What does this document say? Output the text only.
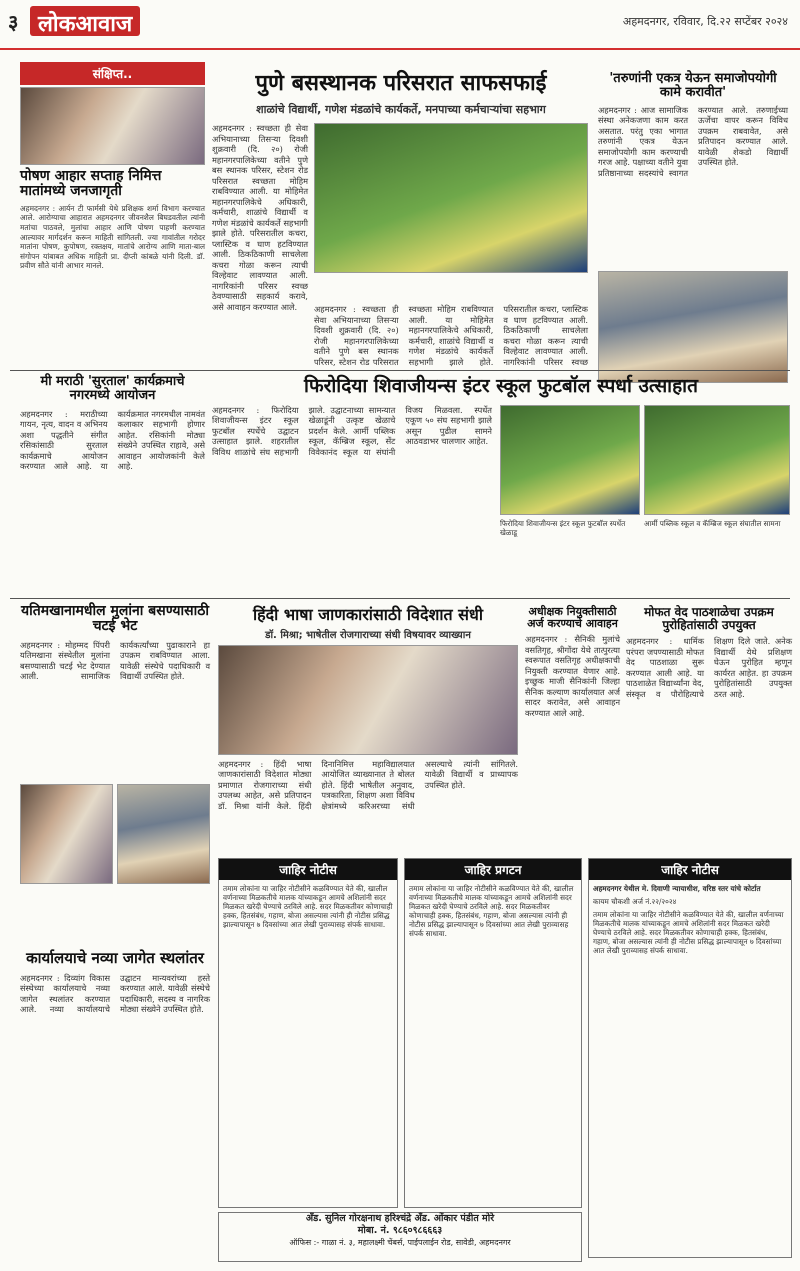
३ लोकआवाज	अहमदनगर, रविवार, दि.२२ सप्टेंबर २०२४
संक्षिप्त..
पोषण आहार सप्ताह निमित्त मातांमध्ये जनजागृती
अहमदनगर : आर्यन टी फार्मसी येथे प्रशिक्षक शर्मा विभाग करण्यात आले. आरोग्याचा आहारात अहमदनगर जीवनशैल बिघडवतील त्यांनी मतांचा पाठवले, मुलांचा आहार आणि पोषण पाहणी करण्यात आल्यावर मार्गदर्शन करून माहिती सांगितली. ज्या गावांतील गरोदर मातांना पोषण, कुपोषण, रक्तक्षय, मातांचे आरोग्य आणि माता-बाल संगोपन यांबाबत अधिक माहिती प्रा. दीप्ती कांबळे यांनी दिली. डॉ. प्रवीण सौते यांनी आभार मानले.
पुणे बसस्थानक परिसरात साफसफाई
शाळांचे विद्यार्थी, गणेश मंडळांचे कार्यकर्ते, मनपाच्या कर्मचाऱ्यांचा सहभाग
अहमदनगर : स्वच्छता ही सेवा अभियानाच्या तिसऱ्या दिवशी शुक्रवारी (दि. २०) रोजी महानगरपालिकेच्या वतीने पुणे बस स्थानक परिसर, स्टेशन रोड परिसरात स्वच्छता मोहिम राबविण्यात आली. या मोहिमेत महानगरपालिकेचे अधिकारी, कर्मचारी, शाळांचे विद्यार्थी व गणेश मंडळांचे कार्यकर्ते सहभागी झाले होते. परिसरातील कचरा, प्लास्टिक व घाण हटविण्यात आली. ठिकठिकाणी साचलेला कचरा गोळा करून त्याची विल्हेवाट लावण्यात आली. नागरिकांनी परिसर स्वच्छ ठेवण्यासाठी सहकार्य करावे, असे आवाहन करण्यात आले.	अहमदनगर : स्वच्छता ही सेवा अभियानाच्या तिसऱ्या दिवशी शुक्रवारी (दि. २०) रोजी महानगरपालिकेच्या वतीने पुणे बस स्थानक परिसर, स्टेशन रोड परिसरात स्वच्छता मोहिम राबविण्यात आली. या मोहिमेत महानगरपालिकेचे अधिकारी, कर्मचारी, शाळांचे विद्यार्थी व गणेश मंडळांचे कार्यकर्ते सहभागी झाले होते. परिसरातील कचरा, प्लास्टिक व घाण हटविण्यात आली. ठिकठिकाणी साचलेला कचरा गोळा करून त्याची विल्हेवाट लावण्यात आली. नागरिकांनी परिसर स्वच्छ
'तरुणांनी एकत्र येऊन समाजोपयोगी कामे करावीत'
अहमदनगर : आज सामाजिक संस्था अनेकजणा काम करत असतात. परंतु एका भागात तरुणांनी एकत्र येऊन समाजोपयोगी काम करण्याची गरज आहे. पक्षाच्या वतीने युवा प्रतिष्ठानाच्या सदस्यांचे स्वागत करण्यात आले. तरुणाईच्या ऊर्जेचा वापर करून विविध उपक्रम राबवावेत, असे प्रतिपादन करण्यात आले. यावेळी शेकडो विद्यार्थी उपस्थित होते.
मी मराठी 'सुरताल' कार्यक्रमाचे नगरमध्ये आयोजन
अहमदनगर : मराठीच्या गायन, नृत्य, वादन व अभिनय अशा पद्धतीने संगीत रसिकांसाठी सुरताल कार्यक्रमाचे आयोजन करण्यात आले आहे. या कार्यक्रमात नगरमधील नामवंत कलाकार सहभागी होणार आहेत. रसिकांनी मोठ्या संख्येने उपस्थित राहावे, असे आवाहन आयोजकांनी केले आहे.
फिरोदिया शिवाजीयन्स इंटर स्कूल फुटबॉल स्पर्धा उत्साहात
अहमदनगर : फिरोदिया शिवाजीयन्स इंटर स्कूल फुटबॉल स्पर्धेचे उद्घाटन उत्साहात झाले. शहरातील विविध शाळांचे संघ सहभागी झाले. उद्घाटनाच्या सामन्यात खेळाडूंनी उत्कृष्ट खेळाचे प्रदर्शन केले. आर्मी पब्लिक स्कूल, कॅम्ब्रिज स्कूल, सेंट विवेकानंद स्कूल या संघांनी विजय मिळवला. स्पर्धेत एकूण ५० संघ सहभागी झाले असून पुढील सामने आठवडाभर चालणार आहेत.
फिरोदिया शिवाजीयन्स इंटर स्कूल फुटबॉल स्पर्धेत खेळाडू
आर्मी पब्लिक स्कूल व कॅम्ब्रिज स्कूल संघातील सामना
यतिमखानामधील मुलांना बसण्यासाठी चटई भेट
अहमदनगर : मोहम्मद पिंपरी यतिमखाना संस्थेतील मुलांना बसण्यासाठी चटई भेट देण्यात आली. सामाजिक कार्यकर्त्यांच्या पुढाकाराने हा उपक्रम राबविण्यात आला. यावेळी संस्थेचे पदाधिकारी व विद्यार्थी उपस्थित होते.
हिंदी भाषा जाणकारांसाठी विदेशात संधी
डॉ. मिश्रा; भाषेतील रोजगाराच्या संधी विषयावर व्याख्यान
अहमदनगर : हिंदी भाषा जाणकारांसाठी विदेशात मोठ्या प्रमाणात रोजगाराच्या संधी उपलब्ध आहेत, असे प्रतिपादन डॉ. मिश्रा यांनी केले. हिंदी दिनानिमित्त महाविद्यालयात आयोजित व्याख्यानात ते बोलत होते. हिंदी भाषेतील अनुवाद, पत्रकारिता, शिक्षण अशा विविध क्षेत्रांमध्ये करिअरच्या संधी असल्याचे त्यांनी सांगितले. यावेळी विद्यार्थी व प्राध्यापक उपस्थित होते.
अधीक्षक नियुक्तीसाठी अर्ज करण्याचे आवाहन
अहमदनगर : सैनिकी मुलांचे वसतिगृह, श्रीगोंदा येथे तात्पुरत्या स्वरूपात वसतिगृह अधीक्षकाची नियुक्ती करण्यात येणार आहे. इच्छुक माजी सैनिकांनी जिल्हा सैनिक कल्याण कार्यालयात अर्ज सादर करावेत, असे आवाहन करण्यात आले आहे.
मोफत वेद पाठशाळेचा उपक्रम पुरोहितांसाठी उपयुक्त
अहमदनगर : धार्मिक परंपरा जपण्यासाठी मोफत वेद पाठशाळा सुरू करण्यात आली आहे. या पाठशाळेत विद्यार्थ्यांना वेद, संस्कृत व पौरोहित्याचे शिक्षण दिले जाते. अनेक विद्यार्थी येथे प्रशिक्षण घेऊन पुरोहित म्हणून कार्यरत आहेत. हा उपक्रम पुरोहितांसाठी उपयुक्त ठरत आहे.
कार्यालयाचे नव्या जागेत स्थलांतर
अहमदनगर : दिव्यांग विकास संस्थेच्या कार्यालयाचे नव्या जागेत स्थलांतर करण्यात आले. नव्या कार्यालयाचे उद्घाटन मान्यवरांच्या हस्ते करण्यात आले. यावेळी संस्थेचे पदाधिकारी, सदस्य व नागरिक मोठ्या संख्येने उपस्थित होते.
जाहिर नोटीस
तमाम लोकांना या जाहिर नोटीसीने कळविण्यात येते की, खालील वर्णनाच्या मिळकतीचे मालक यांच्याकडून आमचे अशिलांनी सदर मिळकत खरेदी घेण्याचे ठरविले आहे. सदर मिळकतीवर कोणाचाही हक्क, हितसंबंध, गहाण, बोजा असल्यास त्यांनी ही नोटीस प्रसिद्ध झाल्यापासून ७ दिवसांच्या आत लेखी पुराव्यासह संपर्क साधावा.
जाहिर प्रगटन
तमाम लोकांना या जाहिर नोटीसीने कळविण्यात येते की, खालील वर्णनाच्या मिळकतीचे मालक यांच्याकडून आमचे अशिलांनी सदर मिळकत खरेदी घेण्याचे ठरविले आहे. सदर मिळकतीवर कोणाचाही हक्क, हितसंबंध, गहाण, बोजा असल्यास त्यांनी ही नोटीस प्रसिद्ध झाल्यापासून ७ दिवसांच्या आत लेखी पुराव्यासह संपर्क साधावा.
जाहिर नोटीस
अहमदनगर येथील मे. दिवाणी न्यायाधीश, वरिष्ठ स्तर यांचे कोर्टात
कायम चौकशी अर्ज नं.२२/२०२४
तमाम लोकांना या जाहिर नोटीसीने कळविण्यात येते की, खालील वर्णनाच्या मिळकतीचे मालक यांच्याकडून आमचे अशिलांनी सदर मिळकत खरेदी घेण्याचे ठरविले आहे. सदर मिळकतीवर कोणाचाही हक्क, हितसंबंध, गहाण, बोजा असल्यास त्यांनी ही नोटीस प्रसिद्ध झाल्यापासून ७ दिवसांच्या आत लेखी पुराव्यासह संपर्क साधावा.
अँड. सुनिल गोरक्षनाथ हरिश्चंद्रे अँड. ओंकार पंडीत मोरे
मोबा. नं. ९८६०९८६६६३
ऑफिस :- गाळा नं. ३, महालक्ष्मी चेंबर्स, पाईपलाईन रोड, सावेडी, अहमदनगर
